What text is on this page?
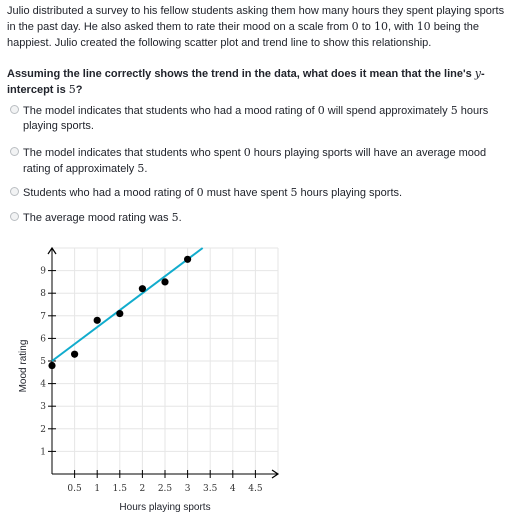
Julio distributed a survey to his fellow students asking them how many hours they spent playing sports in the past day. He also asked them to rate their mood on a scale from 0 to 10, with 10 being the happiest. Julio created the following scatter plot and trend line to show this relationship.
Assuming the line correctly shows the trend in the data, what does it mean that the line's y-intercept is 5?
The model indicates that students who had a mood rating of 0 will spend approximately 5 hours playing sports.
The model indicates that students who spent 0 hours playing sports will have an average mood rating of approximately 5.
Students who had a mood rating of 0 must have spent 5 hours playing sports.
The average mood rating was 5.
0.5 1 1.5 2 2.5 3 3.5 4 4.5
1
2
3
4
5
6
7
8
9
Hours playing sports
Mood rating
